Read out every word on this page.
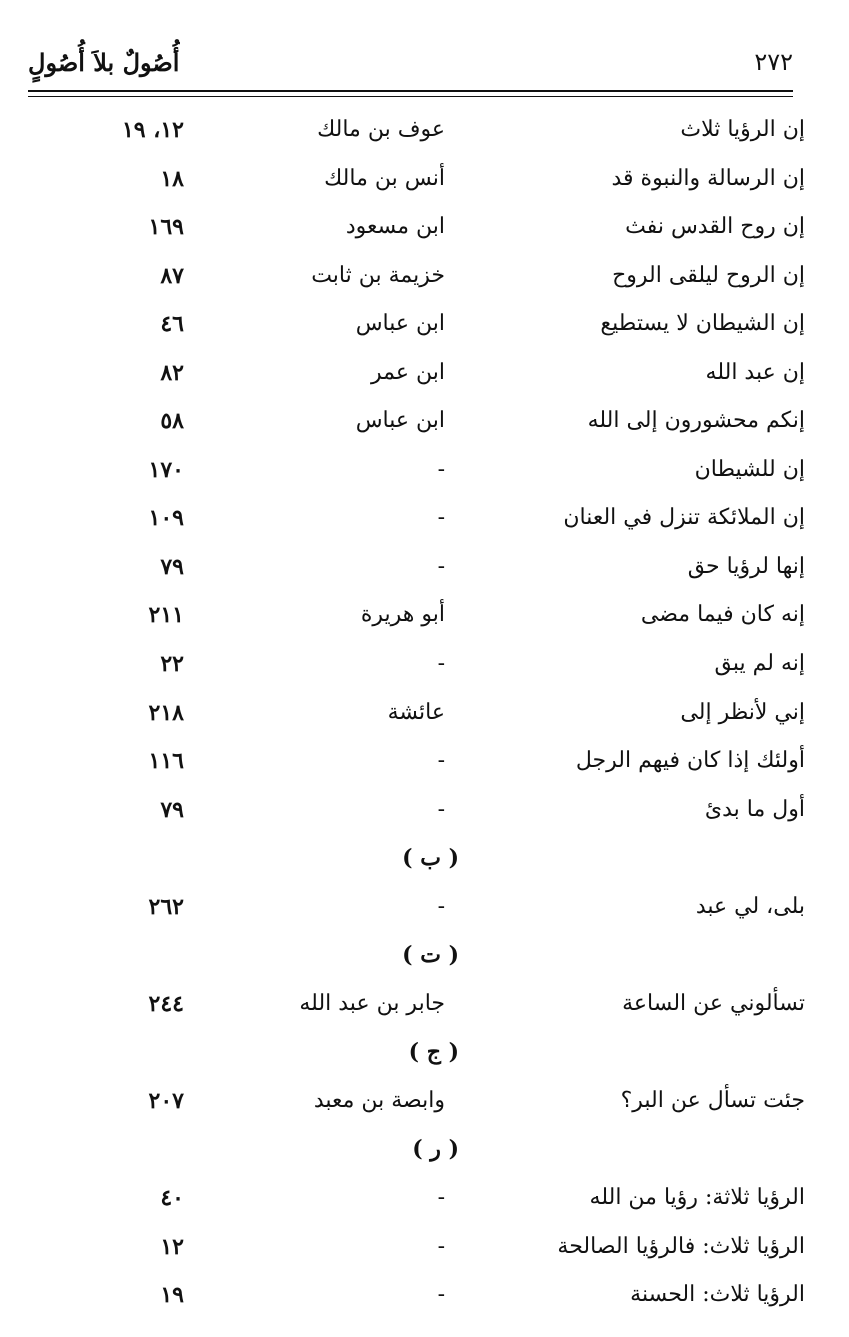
٢٧٢
أُصُولٌ بلاَ أُصُولٍ
إن الرؤيا ثلاث
عوف بن مالك
١٢، ١٩
إن الرسالة والنبوة قد
أنس بن مالك
١٨
إن روح القدس نفث
ابن مسعود
١٦٩
إن الروح ليلقى الروح
خزيمة بن ثابت
٨٧
إن الشيطان لا يستطيع
ابن عباس
٤٦
إن عبد الله
ابن عمر
٨٢
إنكم محشورون إلى الله
ابن عباس
٥٨
إن للشيطان
-
١٧٠
إن الملائكة تنزل في العنان
-
١٠٩
إنها لرؤيا حق
-
٧٩
إنه كان فيما مضى
أبو هريرة
٢١١
إنه لم يبق
-
٢٢
إني لأنظر إلى
عائشة
٢١٨
أولئك إذا كان فيهم الرجل
-
١١٦
أول ما بدئ
-
٧٩
( ب )
بلى، لي عبد
-
٢٦٢
( ت )
تسألوني عن الساعة
جابر بن عبد الله
٢٤٤
( ج )
جئت تسأل عن البر؟
وابصة بن معبد
٢٠٧
( ر )
الرؤيا ثلاثة: رؤيا من الله
-
٤٠
الرؤيا ثلاث: فالرؤيا الصالحة
-
١٢
الرؤيا ثلاث: الحسنة
-
١٩
